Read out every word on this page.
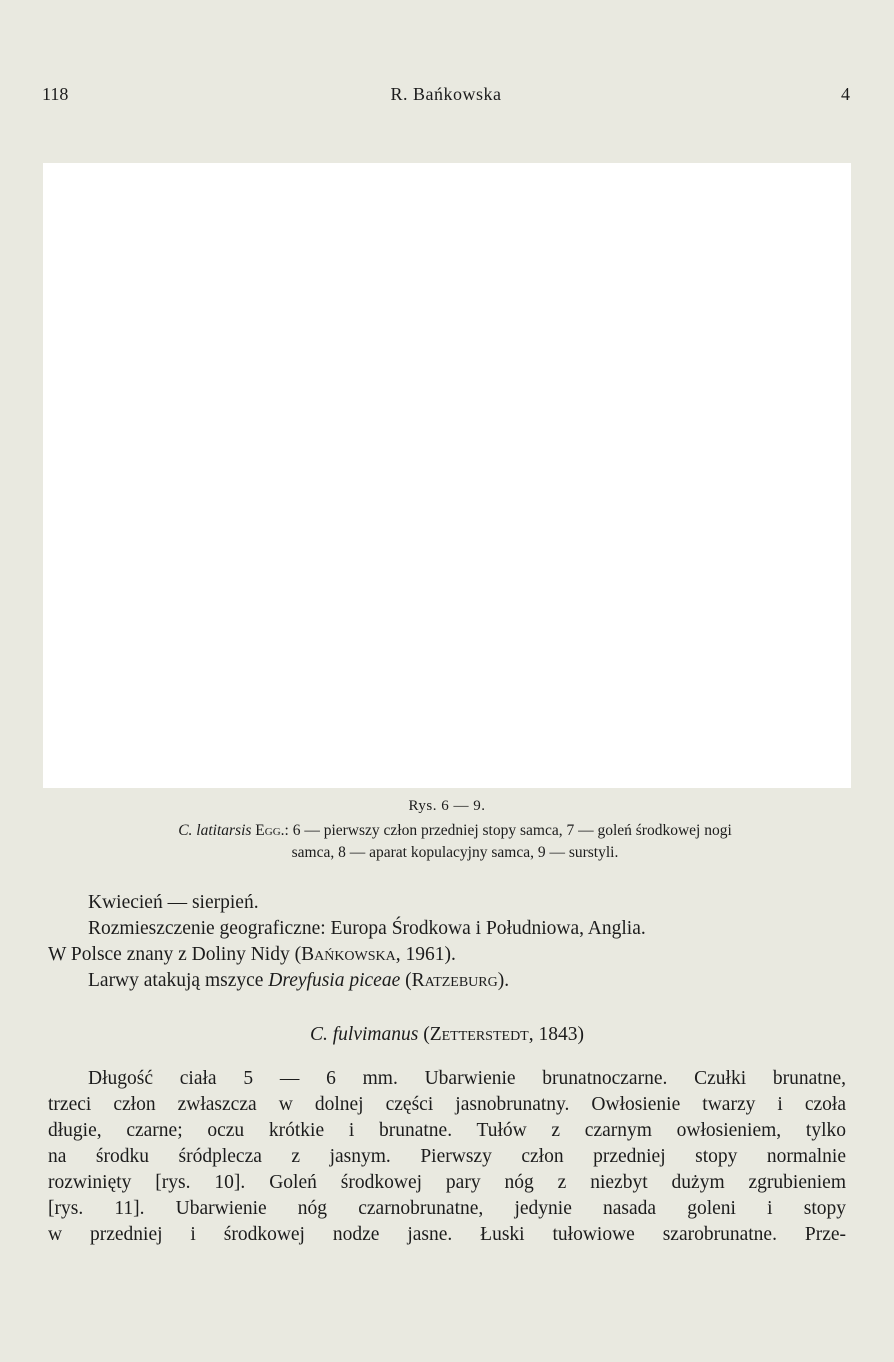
118	R. Bańkowska	4
Rys. 6 — 9.
C. latitarsis Egg.: 6 — pierwszy człon przedniej stopy samca, 7 — goleń środkowej nogi
samca, 8 — aparat kopulacyjny samca, 9 — surstyli.
Kwiecień — sierpień.
Rozmieszczenie geograficzne: Europa Środkowa i Południowa, Anglia.
W Polsce znany z Doliny Nidy (Bańkowska, 1961).
Larwy atakują mszyce Dreyfusia piceae (Ratzeburg).
C. fulvimanus (Zetterstedt, 1843)
Długość ciała 5 — 6 mm. Ubarwienie brunatnoczarne. Czułki brunatne,
trzeci człon zwłaszcza w dolnej części jasnobrunatny. Owłosienie twarzy i czoła
długie, czarne; oczu krótkie i brunatne. Tułów z czarnym owłosieniem, tylko
na środku śródplecza z jasnym. Pierwszy człon przedniej stopy normalnie
rozwinięty [rys. 10]. Goleń środkowej pary nóg z niezbyt dużym zgrubieniem
[rys. 11]. Ubarwienie nóg czarnobrunatne, jedynie nasada goleni i stopy
w przedniej i środkowej nodze jasne. Łuski tułowiowe szarobrunatne. Prze-
